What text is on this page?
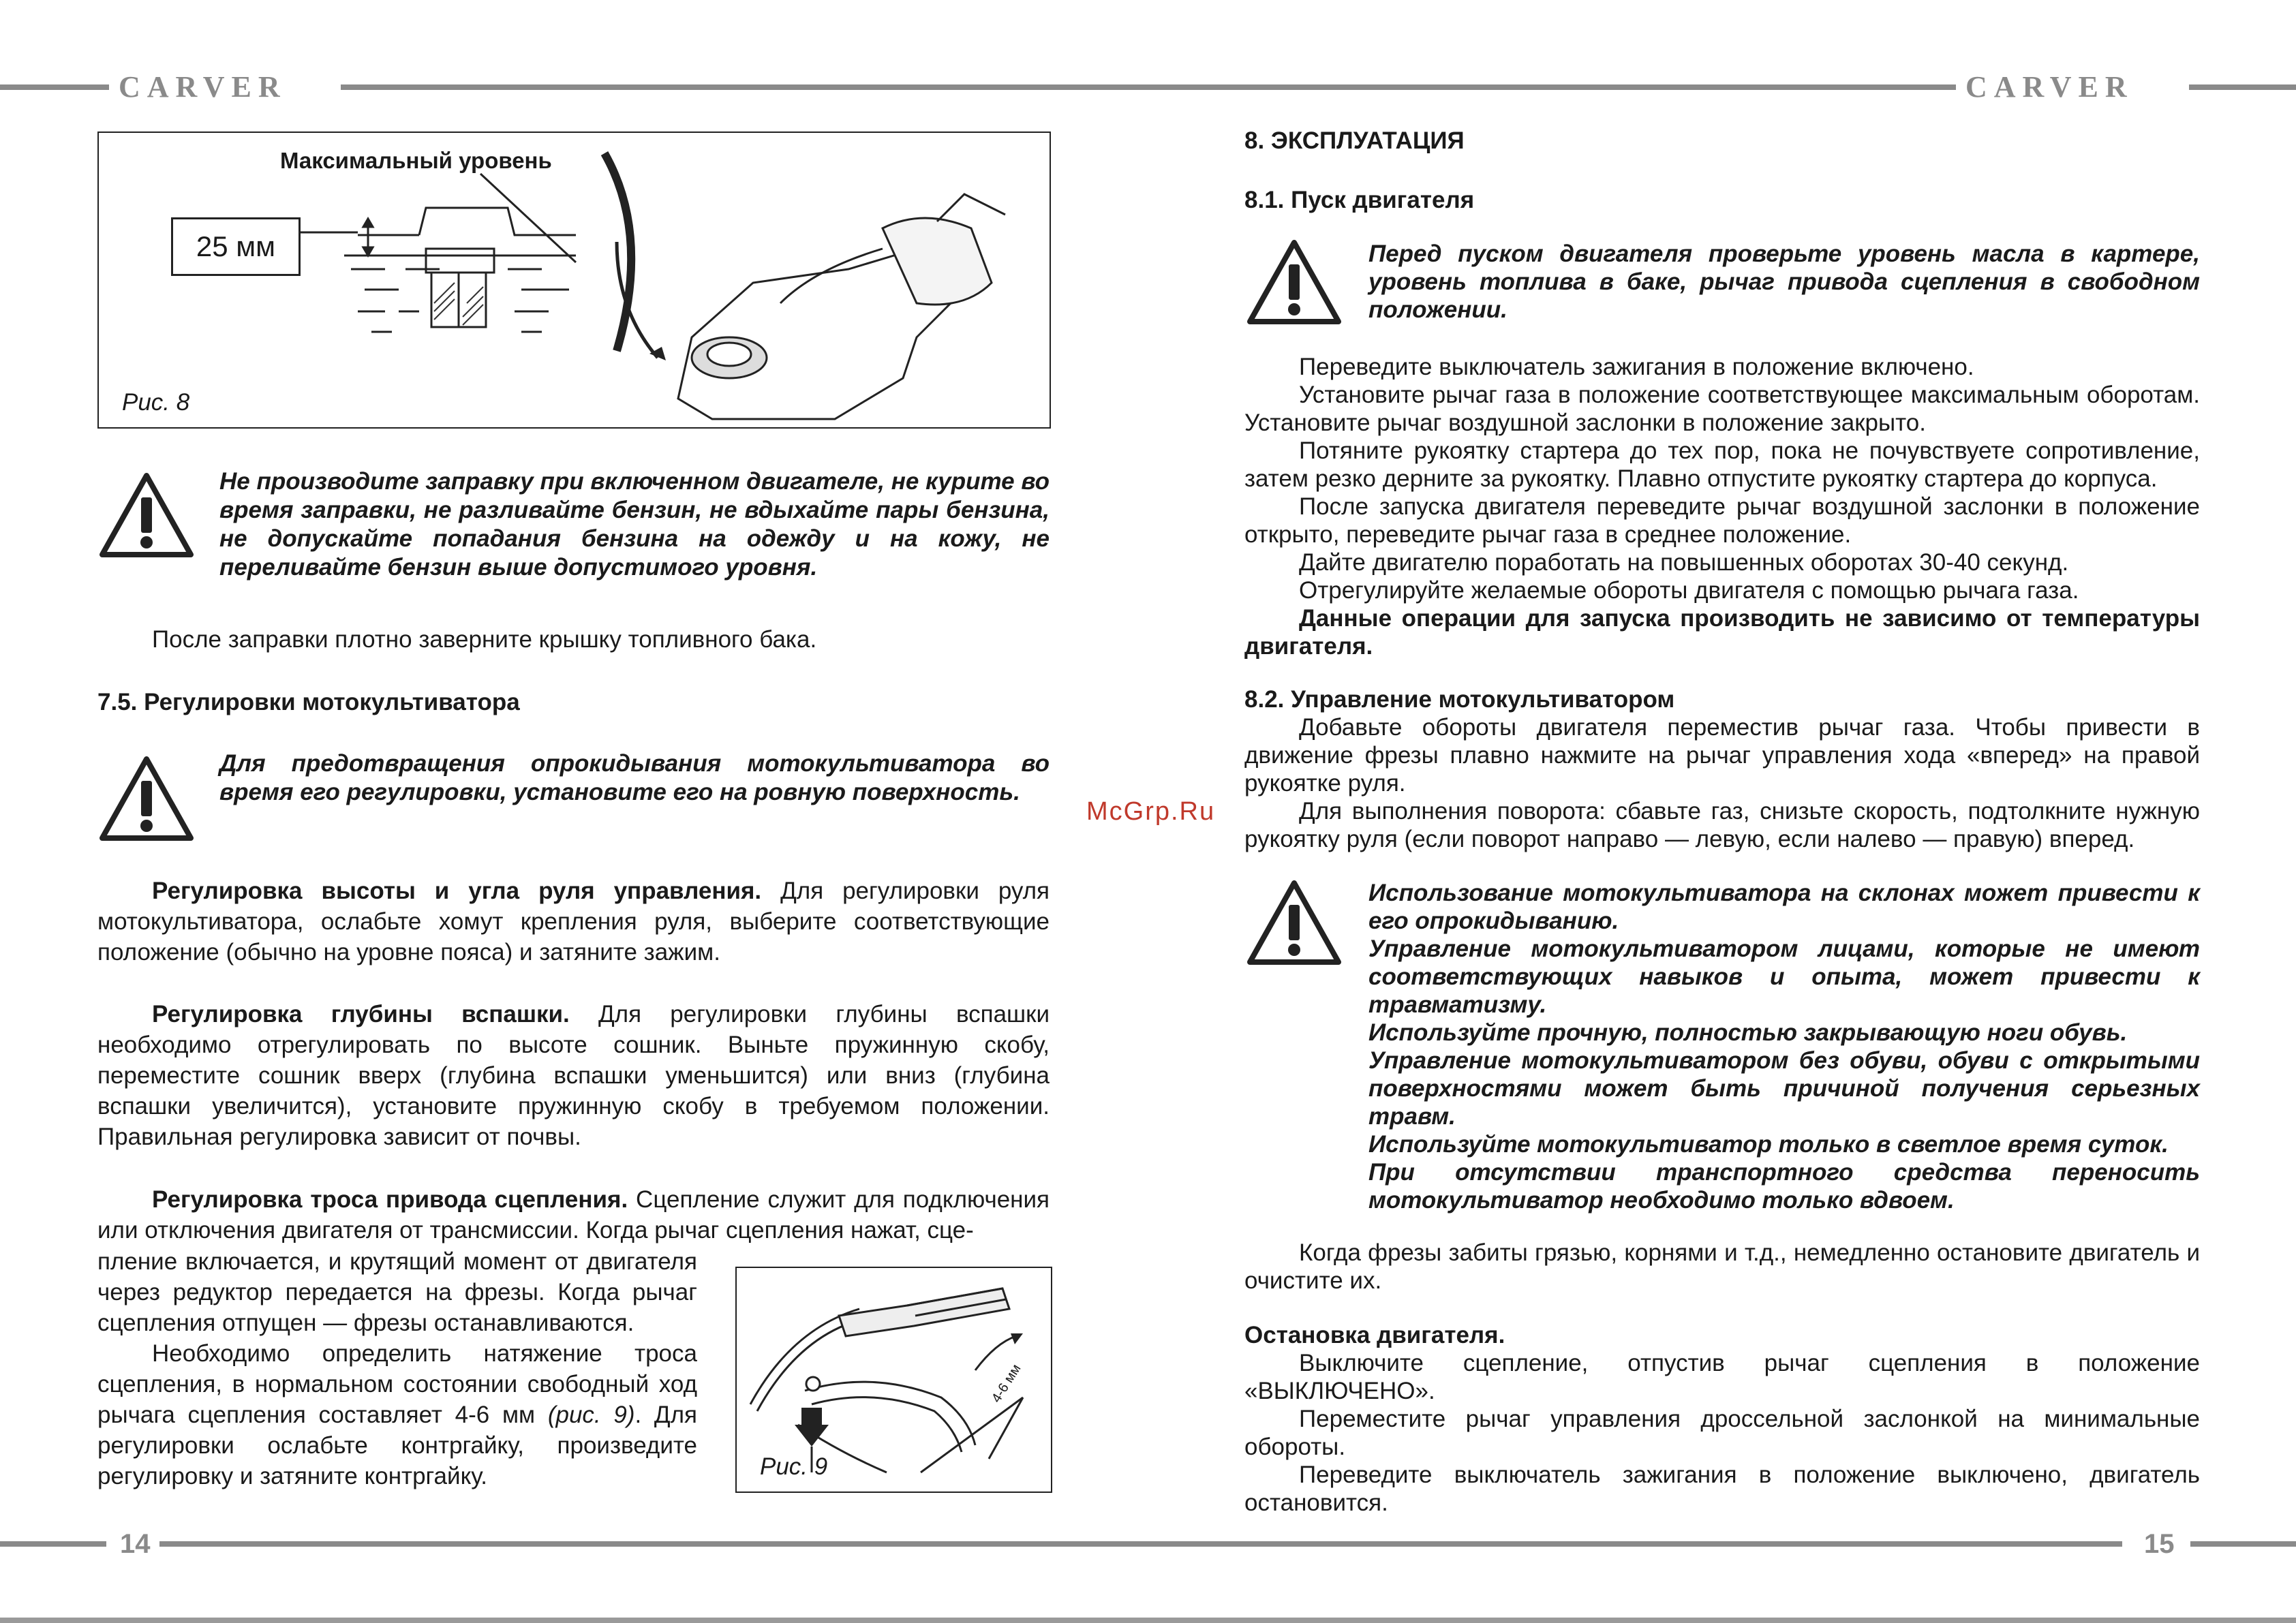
CARVER	CARVER
14	15
McGrp.Ru
Максимальный уровень
25 мм
Рис. 8
Не производите заправку при включенном двигателе, не курите во время заправки, не разливайте бензин, не вдыхайте пары бензина, не допускайте попадания бензина на одежду и на кожу, не переливайте бензин выше допустимого уровня.
После заправки плотно заверните крышку топливного бака.
7.5. Регулировки мотокультиватора
Для предотвращения опрокидывания мотокультиватора во время его регулировки, установите его на ровную поверхность.

Регулировка высоты и угла руля управления. Для регулировки руля мотокультиватора, ослабьте хомут крепления руля, выберите соответствующие положение (обычно на уровне пояса) и затяните зажим.

Регулировка глубины вспашки. Для регулировки глубины вспашки необходимо отрегулировать по высоте сошник. Выньте пружинную скобу, переместите сошник вверх (глубина вспашки уменьшится) или вниз (глубина вспашки увеличится), установите пружинную скобу в требуемом положении. Правильная регулировка зависит от почвы.

Регулировка троса привода сцепления. Сцепление служит для подключения или отключения двигателя от трансмиссии. Когда рычаг сцепления нажат, сце-

пление включается, и крутящий момент от двигателя через редуктор передается на фрезы. Когда рычаг сцепления отпущен — фрезы останавливаются.

Необходимо определить натяжение троса сцепления, в нормальном состоянии свободный ход рычага сцепления составляет 4-6 мм (рис. 9). Для регулировки ослабьте контргайку, произведите регулировку и затяните контргайку.

4-6 мм
Рис. 9
8. ЭКСПЛУАТАЦИЯ
8.1. Пуск двигателя
Перед пуском двигателя проверьте уровень масла в картере, уровень топлива в баке, рычаг привода сцепления в свободном положении.

Переведите выключатель зажигания в положение включено.

Установите рычаг газа в положение соответствующее максимальным оборотам. Установите рычаг воздушной заслонки в положение закрыто.

Потяните рукоятку стартера до тех пор, пока не почувствуете сопротивление, затем резко дерните за рукоятку. Плавно отпустите рукоятку стартера до корпуса.

После запуска двигателя переведите рычаг воздушной заслонки в положение открыто, переведите рычаг газа в среднее положение.

Дайте двигателю поработать на повышенных оборотах 30-40 секунд.

Отрегулируйте желаемые обороты двигателя с помощью рычага газа.

Данные операции для запуска производить не зависимо от температуры двигателя.

8.2. Управление мотокультиватором

Добавьте обороты двигателя переместив рычаг газа. Чтобы привести в движение фрезы плавно нажмите на рычаг управления хода «вперед» на правой рукоятке руля.

Для выполнения поворота: сбавьте газ, снизьте скорость, подтолкните нужную рукоятку руля (если поворот направо — левую, если налево — правую) вперед.

Использование мотокультиватора на склонах может привести к его опрокидыванию.
Управление мотокультиватором лицами, которые не имеют соответствующих навыков и опыта, может привести к травматизму.
Используйте прочную, полностью закрывающую ноги обувь.
Управление мотокультиватором без обуви, обуви с открытыми поверхностями может быть причиной получения серьезных травм.
Используйте мотокультиватор только в светлое время суток.
При отсутствии транспортного средства переносить мотокультиватор необходимо только вдвоем.
Когда фрезы забиты грязью, корнями и т.д., немедленно остановите двигатель и очистите их.
Остановка двигателя.

Выключите сцепление, отпустив рычаг сцепления в положение «ВЫКЛЮЧЕНО».

Переместите рычаг управления дроссельной заслонкой на минимальные обороты.

Переведите выключатель зажигания в положение выключено, двигатель остановится.
